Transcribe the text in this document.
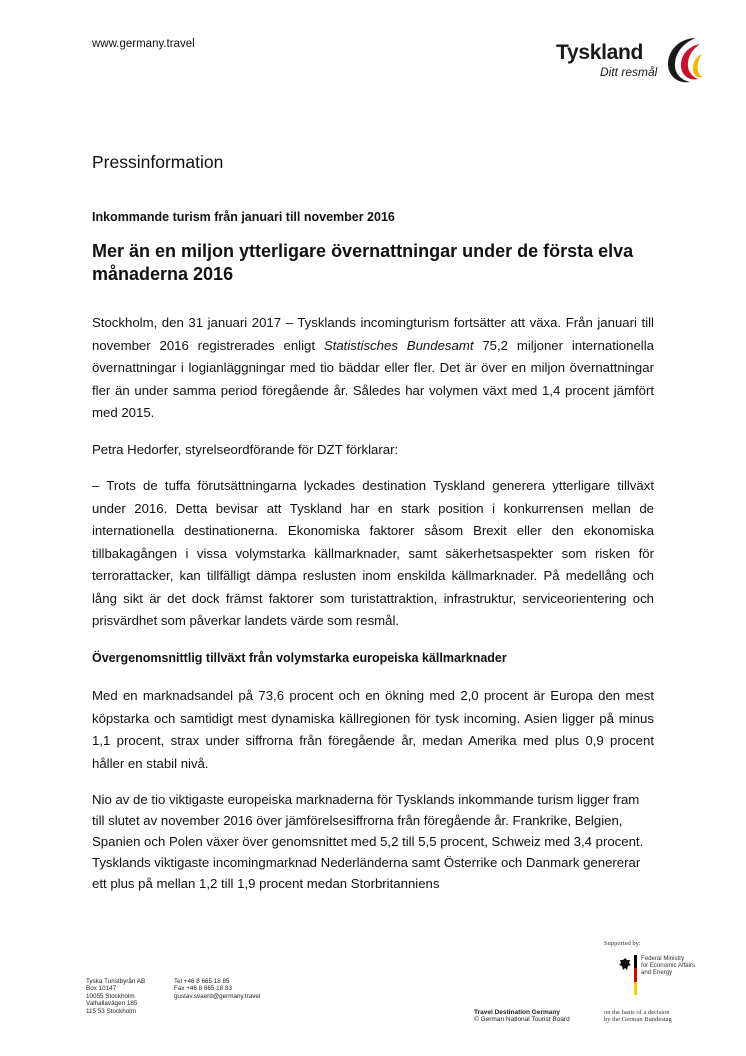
www.germany.travel	Tyskland
Ditt resmål
Pressinformation
Inkommande turism från januari till november 2016
Mer än en miljon ytterligare övernattningar under de första elva månaderna 2016

Stockholm, den 31 januari 2017 – Tysklands incomingturism fortsätter att växa. Från januari till november 2016 registrerades enligt Statistisches Bundesamt 75,2 miljoner internationella övernattningar i logianläggningar med tio bäddar eller fler. Det är över en miljon övernattningar fler än under samma period föregående år. Således har volymen växt med 1,4 procent jämfört med 2015.

Petra Hedorfer, styrelseordförande för DZT förklarar:

– Trots de tuffa förutsättningarna lyckades destination Tyskland generera ytterligare tillväxt under 2016. Detta bevisar att Tyskland har en stark position i konkurrensen mellan de internationella destinationerna. Ekonomiska faktorer såsom Brexit eller den ekonomiska tillbakagången i vissa volymstarka källmarknader, samt säkerhetsaspekter som risken för terrorattacker, kan tillfälligt dämpa reslusten inom enskilda källmarknader. På medellång och lång sikt är det dock främst faktorer som turistattraktion, infrastruktur, serviceorientering och prisvärdhet som påverkar landets värde som resmål.

Övergenomsnittlig tillväxt från volymstarka europeiska källmarknader

Med en marknadsandel på 73,6 procent och en ökning med 2,0 procent är Europa den mest köpstarka och samtidigt mest dynamiska källregionen för tysk incoming. Asien ligger på minus 1,1 procent, strax under siffrorna från föregående år, medan Amerika med plus 0,9 procent håller en stabil nivå.

Nio av de tio viktigaste europeiska marknaderna för Tysklands inkommande turism ligger fram till slutet av november 2016 över jämförelsesiffrorna från föregående år. Frankrike, Belgien, Spanien och Polen växer över genomsnittet med 5,2 till 5,5 procent, Schweiz med 3,4 procent. Tysklands viktigaste incomingmarknad Nederländerna samt Österrike och Danmark genererar ett plus på mellan 1,2 till 1,9 procent medan Storbritanniens

Tyska Turistbyrån AB
Box 10147
10055 Stockholm
Valhallavägen 185
115 53 Stockholm
Tel +46 8 665 18 85
Fax +46 8 665 18 83
gustav.svaerd@germany.travel
Supported by:
Federal Ministry
for Economic Affairs
and Energy
Travel Destination Germany
© German National Tourist Board
on the basis of a decision
by the German Bundestag
